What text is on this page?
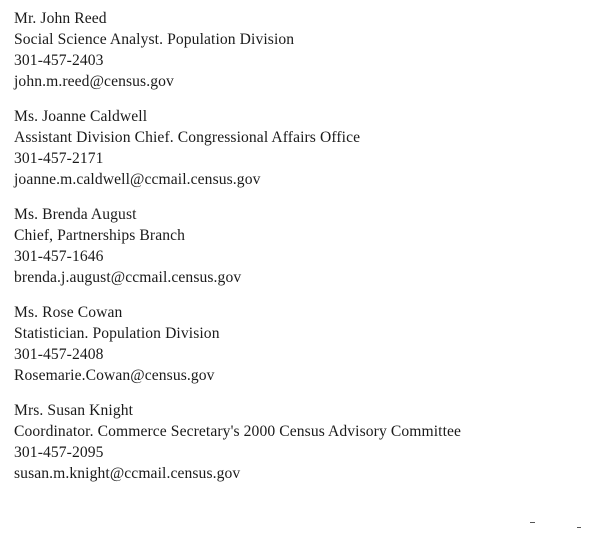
Mr. John Reed
Social Science Analyst. Population Division
301-457-2403
john.m.reed@census.gov
Ms. Joanne Caldwell
Assistant Division Chief. Congressional Affairs Office
301-457-2171
joanne.m.caldwell@ccmail.census.gov
Ms. Brenda August
Chief, Partnerships Branch
301-457-1646
brenda.j.august@ccmail.census.gov
Ms. Rose Cowan
Statistician. Population Division
301-457-2408
Rosemarie.Cowan@census.gov
Mrs. Susan Knight
Coordinator. Commerce Secretary's 2000 Census Advisory Committee
301-457-2095
susan.m.knight@ccmail.census.gov
